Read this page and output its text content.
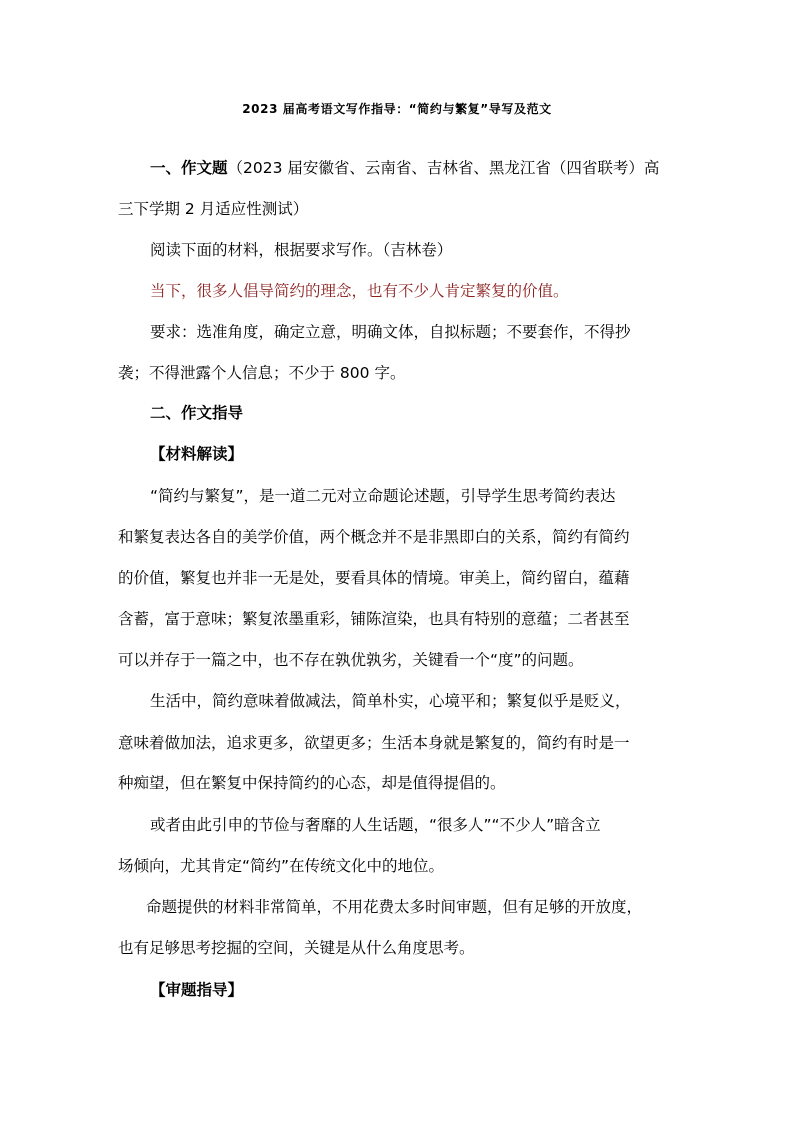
2023 届高考语文写作指导：“简约与繁复”导写及范文
一、作文题（2023 届安徽省、云南省、吉林省、黑龙江省（四省联考）高
三下学期 2 月适应性测试）
阅读下面的材料，根据要求写作。（吉林卷）
当下，很多人倡导简约的理念，也有不少人肯定繁复的价值。
要求：选准角度，确定立意，明确文体，自拟标题；不要套作，不得抄
袭；不得泄露个人信息；不少于 800 字。
二、作文指导
【材料解读】
“简约与繁复”，是一道二元对立命题论述题，引导学生思考简约表达
和繁复表达各自的美学价值，两个概念并不是非黑即白的关系，简约有简约
的价值，繁复也并非一无是处，要看具体的情境。审美上，简约留白，蕴藉
含蓄，富于意味；繁复浓墨重彩，铺陈渲染，也具有特别的意蕴；二者甚至
可以并存于一篇之中，也不存在孰优孰劣，关键看一个“度”的问题。
生活中，简约意味着做减法，简单朴实，心境平和；繁复似乎是贬义，
意味着做加法，追求更多，欲望更多；生活本身就是繁复的，简约有时是一
种痴望，但在繁复中保持简约的心态，却是值得提倡的。
或者由此引申的节俭与奢靡的人生话题，“很多人”“不少人”暗含立
场倾向，尤其肯定“简约”在传统文化中的地位。
命题提供的材料非常简单，不用花费太多时间审题，但有足够的开放度，
也有足够思考挖掘的空间，关键是从什么角度思考。
【审题指导】
